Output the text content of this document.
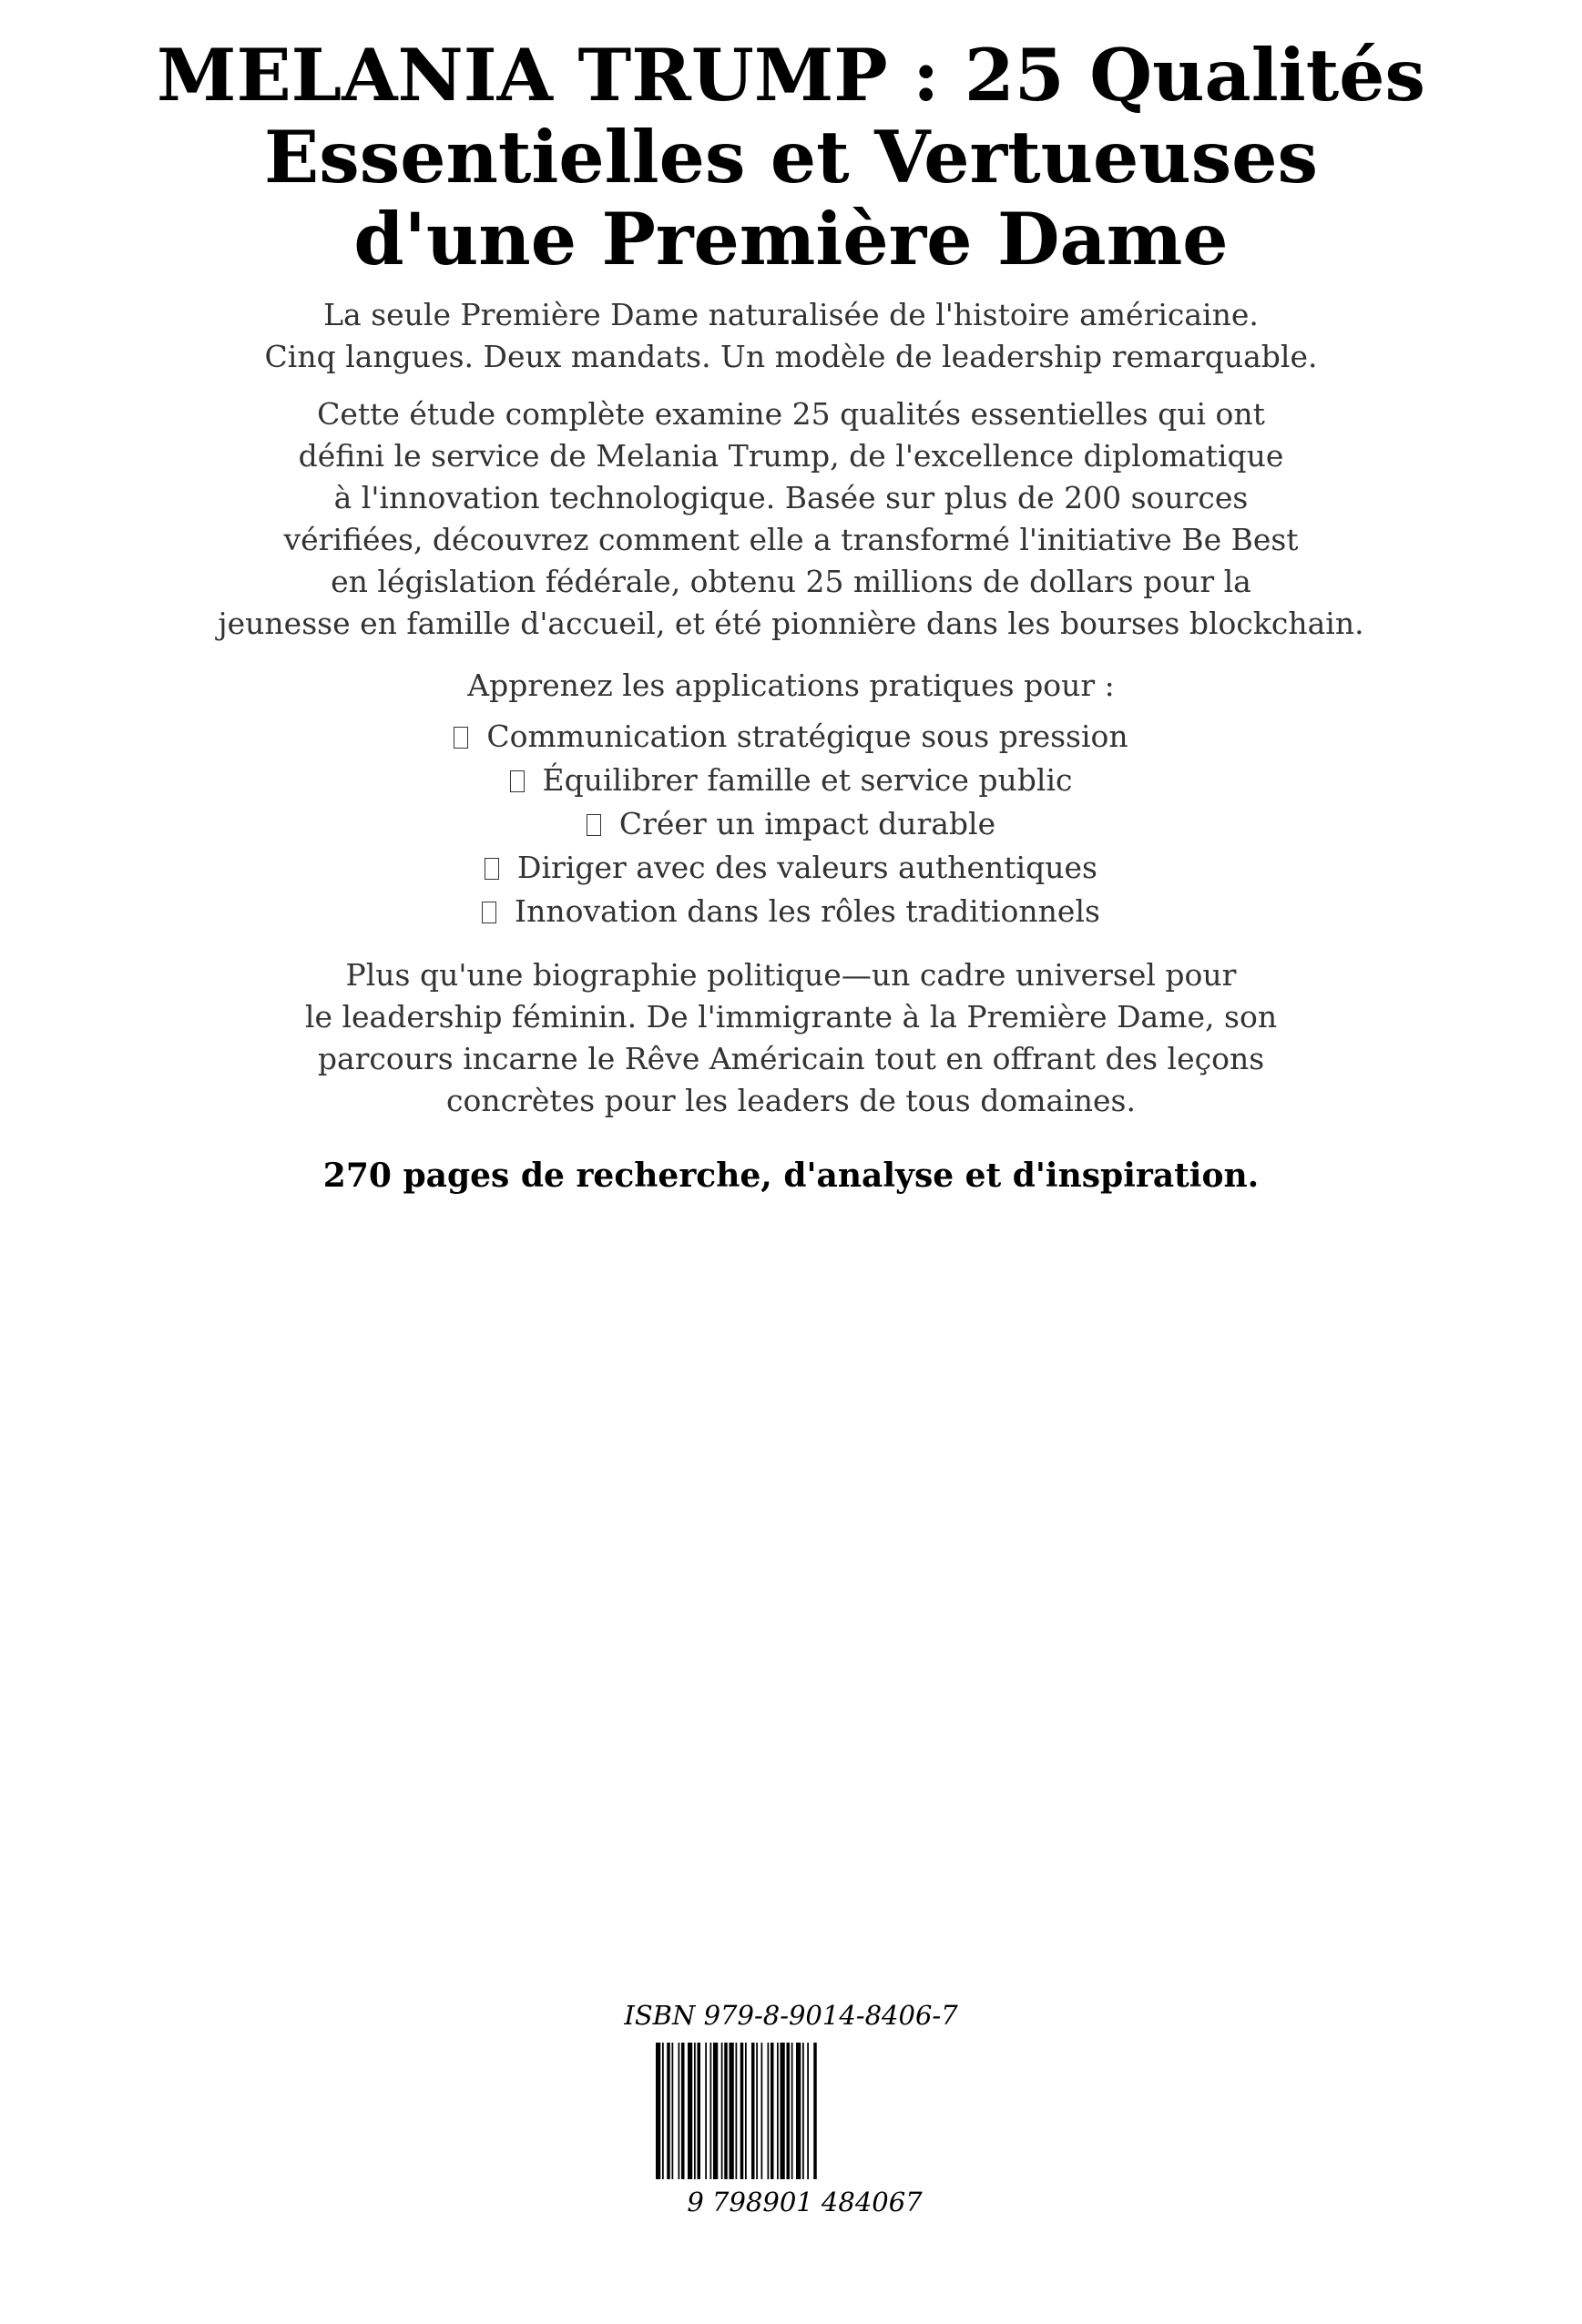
MELANIA TRUMP : 25 Qualités
Essentielles et Vertueuses
d'une Première Dame

La seule Première Dame naturalisée de l'histoire américaine.
Cinq langues. Deux mandats. Un modèle de leadership remarquable.

Cette étude complète examine 25 qualités essentielles qui ont
défini le service de Melania Trump, de l'excellence diplomatique
à l'innovation technologique. Basée sur plus de 200 sources
vérifiées, découvrez comment elle a transformé l'initiative Be Best
en législation fédérale, obtenu 25 millions de dollars pour la
jeunesse en famille d'accueil, et été pionnière dans les bourses blockchain.

Apprenez les applications pratiques pour :

Communication stratégique sous pression
Équilibrer famille et service public
Créer un impact durable
Diriger avec des valeurs authentiques
Innovation dans les rôles traditionnels

Plus qu'une biographie politique—un cadre universel pour
le leadership féminin. De l'immigrante à la Première Dame, son
parcours incarne le Rêve Américain tout en offrant des leçons
concrètes pour les leaders de tous domaines.

270 pages de recherche, d'analyse et d'inspiration.

ISBN 979-8-9014-8406-7
9 798901 484067
